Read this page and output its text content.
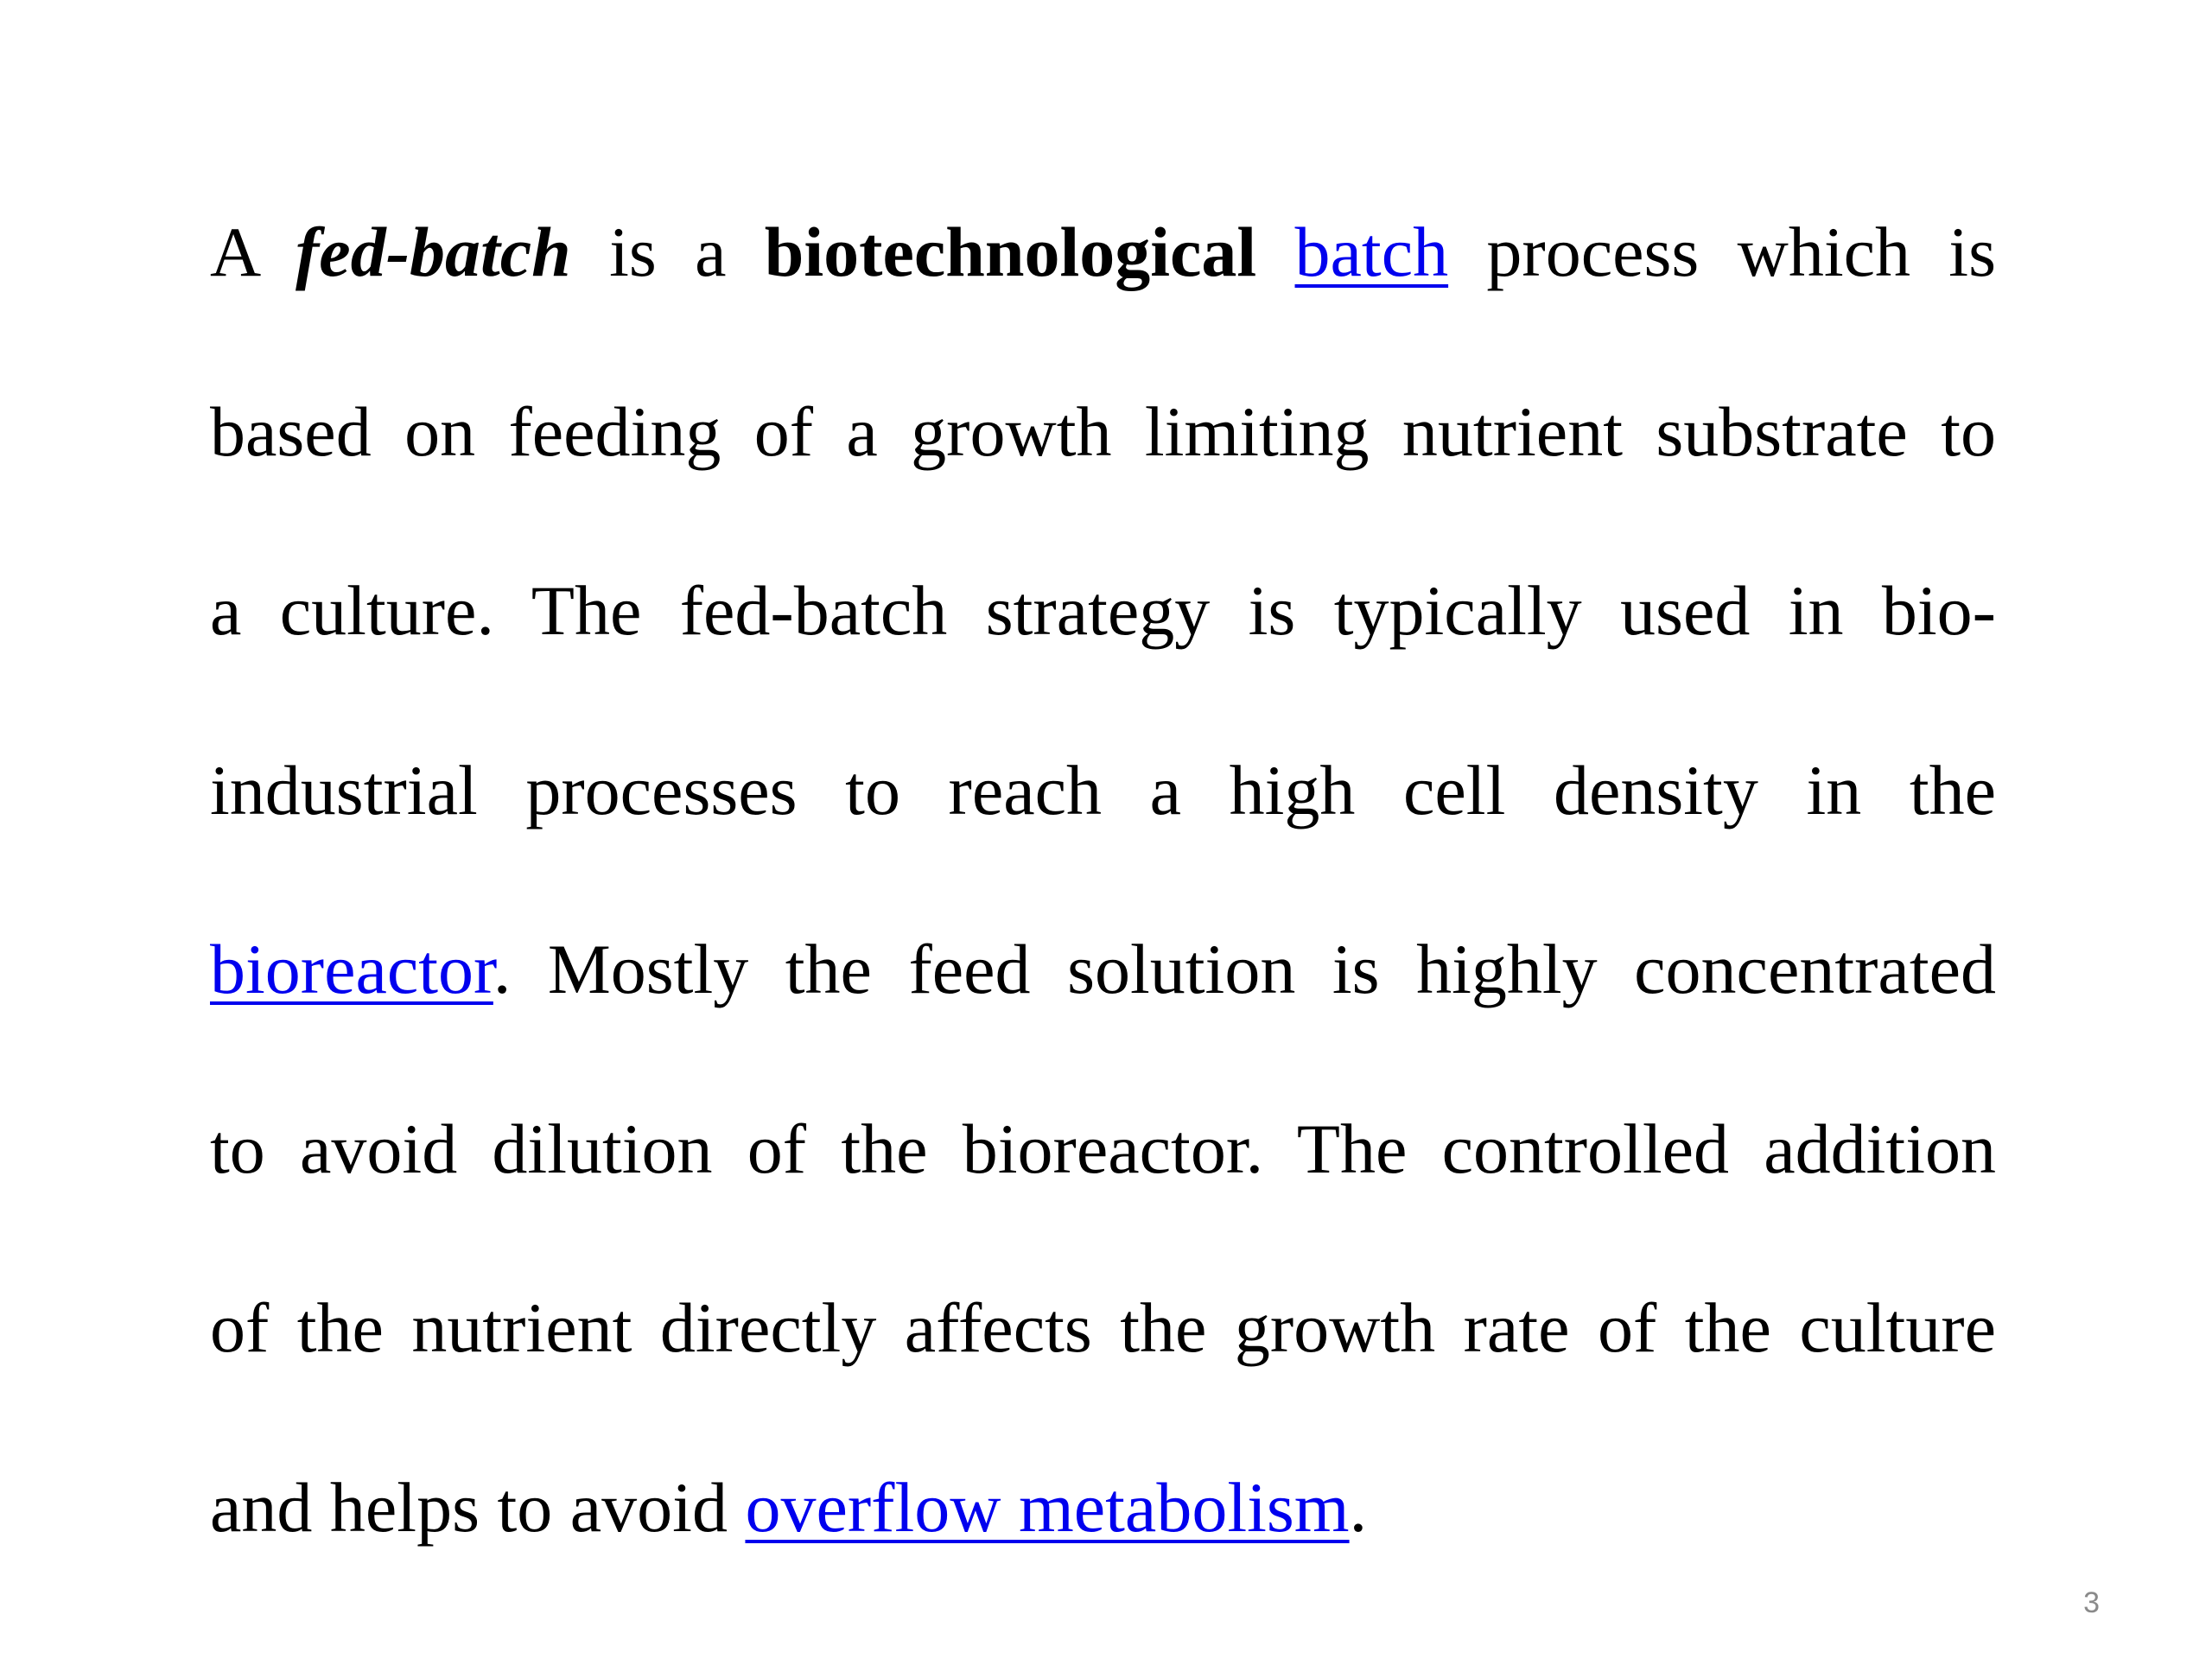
A fed-batch is a biotechnological batch process which is
based on feeding of a growth limiting nutrient substrate to
a culture. The fed-batch strategy is typically used in bio-
industrial processes to reach a high cell density in the
bioreactor. Mostly the feed solution is highly concentrated
to avoid dilution of the bioreactor. The controlled addition
of the nutrient directly affects the growth rate of the culture
and helps to avoid overflow metabolism.
3
